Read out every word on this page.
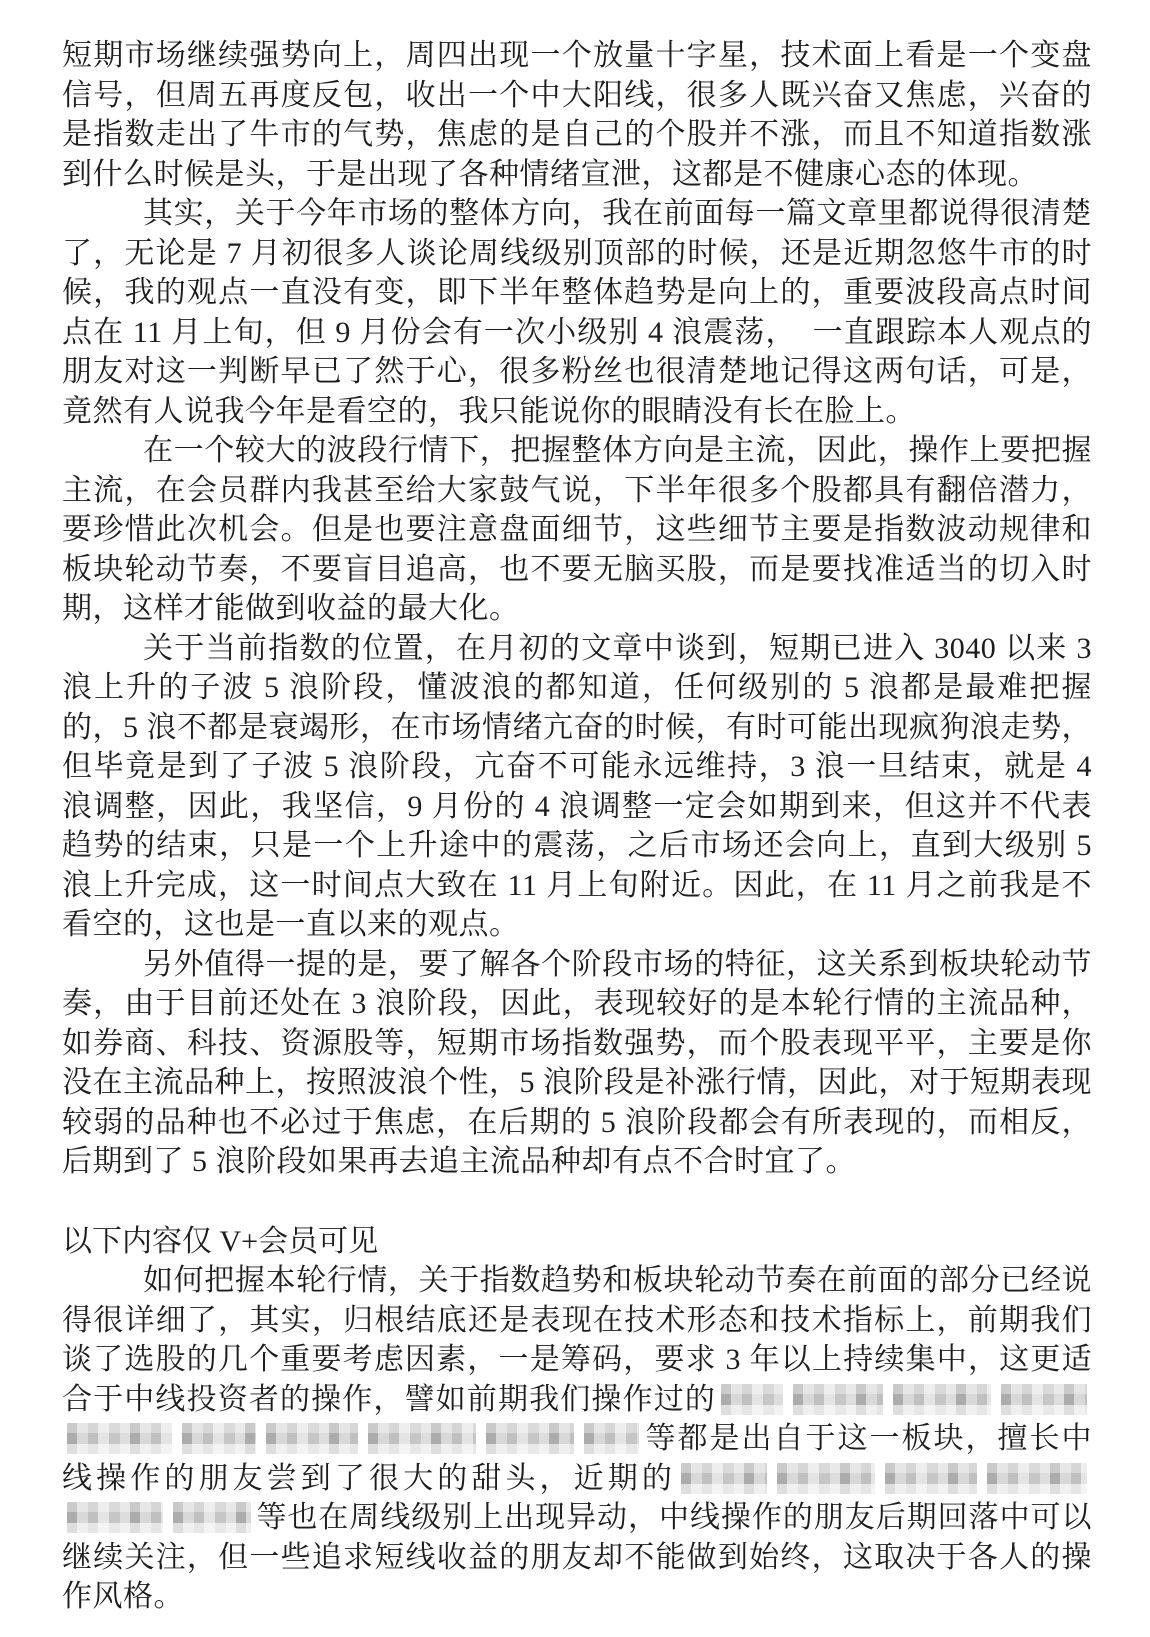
短期市场继续强势向上，周四出现一个放量十字星，技术面上看是一个变盘信号，但周五再度反包，收出一个中大阳线，很多人既兴奋又焦虑，兴奋的是指数走出了牛市的气势，焦虑的是自己的个股并不涨，而且不知道指数涨到什么时候是头，于是出现了各种情绪宣泄，这都是不健康心态的体现。

其实，关于今年市场的整体方向，我在前面每一篇文章里都说得很清楚了，无论是 7 月初很多人谈论周线级别顶部的时候，还是近期忽悠牛市的时候，我的观点一直没有变，即下半年整体趋势是向上的，重要波段高点时间点在 11 月上旬，但 9 月份会有一次小级别 4 浪震荡，　一直跟踪本人观点的朋友对这一判断早已了然于心，很多粉丝也很清楚地记得这两句话，可是，竟然有人说我今年是看空的，我只能说你的眼睛没有长在脸上。

在一个较大的波段行情下，把握整体方向是主流，因此，操作上要把握主流，在会员群内我甚至给大家鼓气说，下半年很多个股都具有翻倍潜力，要珍惜此次机会。但是也要注意盘面细节，这些细节主要是指数波动规律和板块轮动节奏，不要盲目追高，也不要无脑买股，而是要找准适当的切入时期，这样才能做到收益的最大化。

关于当前指数的位置，在月初的文章中谈到，短期已进入 3040 以来 3 浪上升的子波 5 浪阶段，懂波浪的都知道，任何级别的 5 浪都是最难把握的，5 浪不都是衰竭形，在市场情绪亢奋的时候，有时可能出现疯狗浪走势，但毕竟是到了子波 5 浪阶段，亢奋不可能永远维持，3 浪一旦结束，就是 4 浪调整，因此，我坚信，9 月份的 4 浪调整一定会如期到来，但这并不代表趋势的结束，只是一个上升途中的震荡，之后市场还会向上，直到大级别 5 浪上升完成，这一时间点大致在 11 月上旬附近。因此，在 11 月之前我是不看空的，这也是一直以来的观点。

另外值得一提的是，要了解各个阶段市场的特征，这关系到板块轮动节奏，由于目前还处在 3 浪阶段，因此，表现较好的是本轮行情的主流品种，如券商、科技、资源股等，短期市场指数强势，而个股表现平平，主要是你没在主流品种上，按照波浪个性，5 浪阶段是补涨行情，因此，对于短期表现较弱的品种也不必过于焦虑，在后期的 5 浪阶段都会有所表现的，而相反，后期到了 5 浪阶段如果再去追主流品种却有点不合时宜了。

以下内容仅 V+会员可见

如何把握本轮行情，关于指数趋势和板块轮动节奏在前面的部分已经说得很详细了，其实，归根结底还是表现在技术形态和技术指标上，前期我们谈了选股的几个重要考虑因素，一是筹码，要求 3 年以上持续集中，这更适合于中线投资者的操作，譬如前期我们操作过的等都是出自于这一板块，擅长中线操作的朋友尝到了很大的甜头，近期的等也在周线级别上出现异动，中线操作的朋友后期回落中可以继续关注，但一些追求短线收益的朋友却不能做到始终，这取决于各人的操作风格。
